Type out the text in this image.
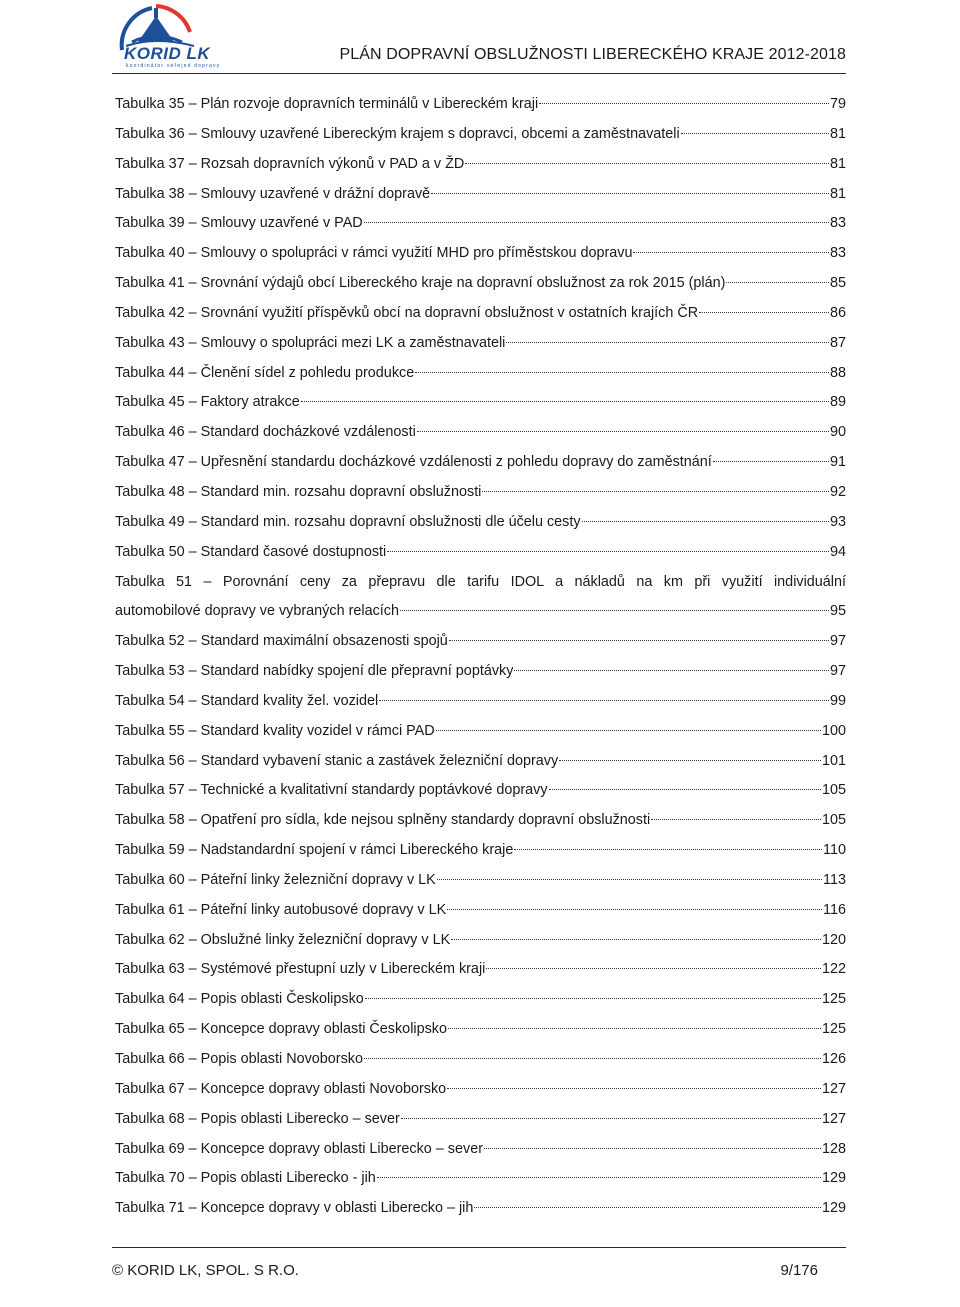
KORID LK
koordinátor veřejné dopravy
PLÁN DOPRAVNÍ OBSLUŽNOSTI LIBERECKÉHO KRAJE 2012-2018
Tabulka 35 – Plán rozvoje dopravních terminálů v Libereckém kraji	79
Tabulka 36 – Smlouvy uzavřené Libereckým krajem s dopravci, obcemi a zaměstnavateli	81
Tabulka 37 – Rozsah dopravních výkonů v PAD a v ŽD	81
Tabulka 38 – Smlouvy uzavřené v drážní dopravě	81
Tabulka 39 – Smlouvy uzavřené v PAD	83
Tabulka 40 – Smlouvy o spolupráci v rámci využití MHD pro příměstskou dopravu	83
Tabulka 41 – Srovnání výdajů obcí Libereckého kraje na dopravní obslužnost za rok 2015 (plán)	85
Tabulka 42 – Srovnání využití příspěvků obcí na dopravní obslužnost v ostatních krajích ČR	86
Tabulka 43 – Smlouvy o spolupráci mezi LK a zaměstnavateli	87
Tabulka 44 – Členění sídel z pohledu produkce	88
Tabulka 45 – Faktory atrakce	89
Tabulka 46 – Standard docházkové vzdálenosti	90
Tabulka 47 – Upřesnění standardu docházkové vzdálenosti z pohledu dopravy do zaměstnání	91
Tabulka 48 – Standard min. rozsahu dopravní obslužnosti	92
Tabulka 49 – Standard min. rozsahu dopravní obslužnosti dle účelu cesty	93
Tabulka 50 – Standard časové dostupnosti	94
Tabulka 51 – Porovnání ceny za přepravu dle tarifu IDOL a nákladů na km při využití individuální
automobilové dopravy ve vybraných relacích	95
Tabulka 52 – Standard maximální obsazenosti spojů	97
Tabulka 53 – Standard nabídky spojení dle přepravní poptávky	97
Tabulka 54 – Standard kvality žel. vozidel	99
Tabulka 55 – Standard kvality vozidel v rámci PAD	100
Tabulka 56 – Standard vybavení stanic a zastávek železniční dopravy	101
Tabulka 57 – Technické a kvalitativní standardy poptávkové dopravy	105
Tabulka 58 – Opatření pro sídla, kde nejsou splněny standardy dopravní obslužnosti	105
Tabulka 59 – Nadstandardní spojení v rámci Libereckého kraje	110
Tabulka 60 – Páteřní linky železniční dopravy v LK	113
Tabulka 61 – Páteřní linky autobusové dopravy v LK	116
Tabulka 62 – Obslužné linky železniční dopravy v LK	120
Tabulka 63 – Systémové přestupní uzly v Libereckém kraji	122
Tabulka 64 – Popis oblasti Českolipsko	125
Tabulka 65 – Koncepce dopravy oblasti Českolipsko	125
Tabulka 66 – Popis oblasti Novoborsko	126
Tabulka 67 – Koncepce dopravy oblasti Novoborsko	127
Tabulka 68 – Popis oblasti Liberecko – sever	127
Tabulka 69 – Koncepce dopravy oblasti Liberecko – sever	128
Tabulka 70 – Popis oblasti Liberecko - jih	129
Tabulka 71 – Koncepce dopravy v oblasti Liberecko – jih	129
© KORID LK, SPOL. S R.O.	9/176
